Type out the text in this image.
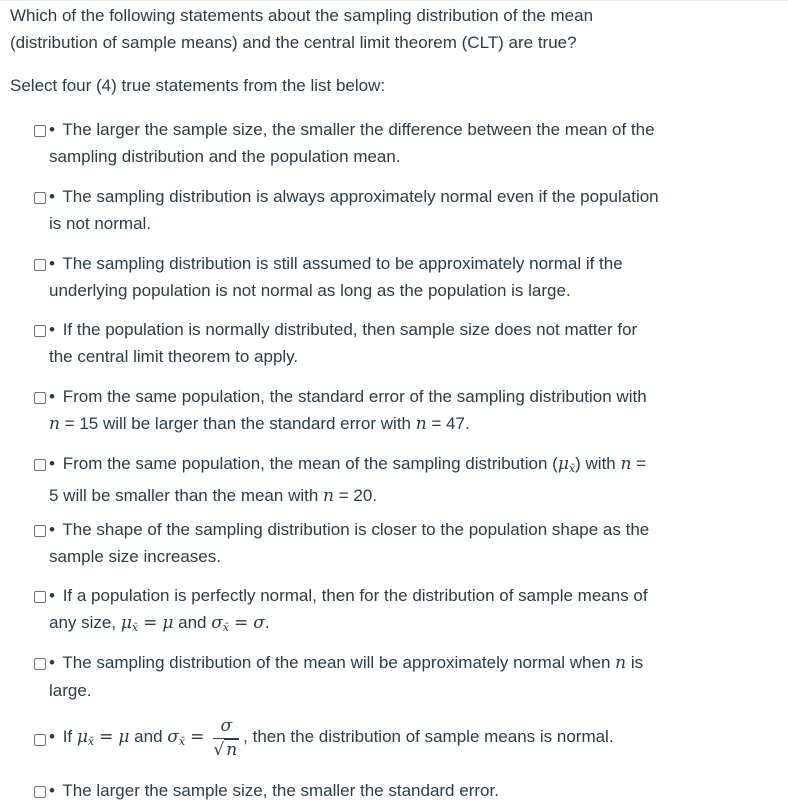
Which of the following statements about the sampling distribution of the mean

(distribution of sample means) and the central limit theorem (CLT) are true?

Select four (4) true statements from the list below:
• The larger the sample size, the smaller the difference between the mean of the
sampling distribution and the population mean.
• The sampling distribution is always approximately normal even if the population
is not normal.
• The sampling distribution is still assumed to be approximately normal if the
underlying population is not normal as long as the population is large.
• If the population is normally distributed, then sample size does not matter for
the central limit theorem to apply.
• From the same population, the standard error of the sampling distribution with
n = 15 will be larger than the standard error with n = 47.
• From the same population, the mean of the sampling distribution $(\mu_{x̄})$ with n =
5 will be smaller than the mean with n = 20.
• The shape of the sampling distribution is closer to the population shape as the
sample size increases.
• If a population is perfectly normal, then for the distribution of sample means of
any size, $\mu_{x̄} = \mu$ and $\sigma_{x̄} = \sigma$.
• The sampling distribution of the mean will be approximately normal when n is
large.
• If $\mu_{x̄} = \mu$ and $\sigma_{x̄} = \frac{\sigma}{√ n}$ , then the distribution of sample means is normal.
• The larger the sample size, the smaller the standard error.
